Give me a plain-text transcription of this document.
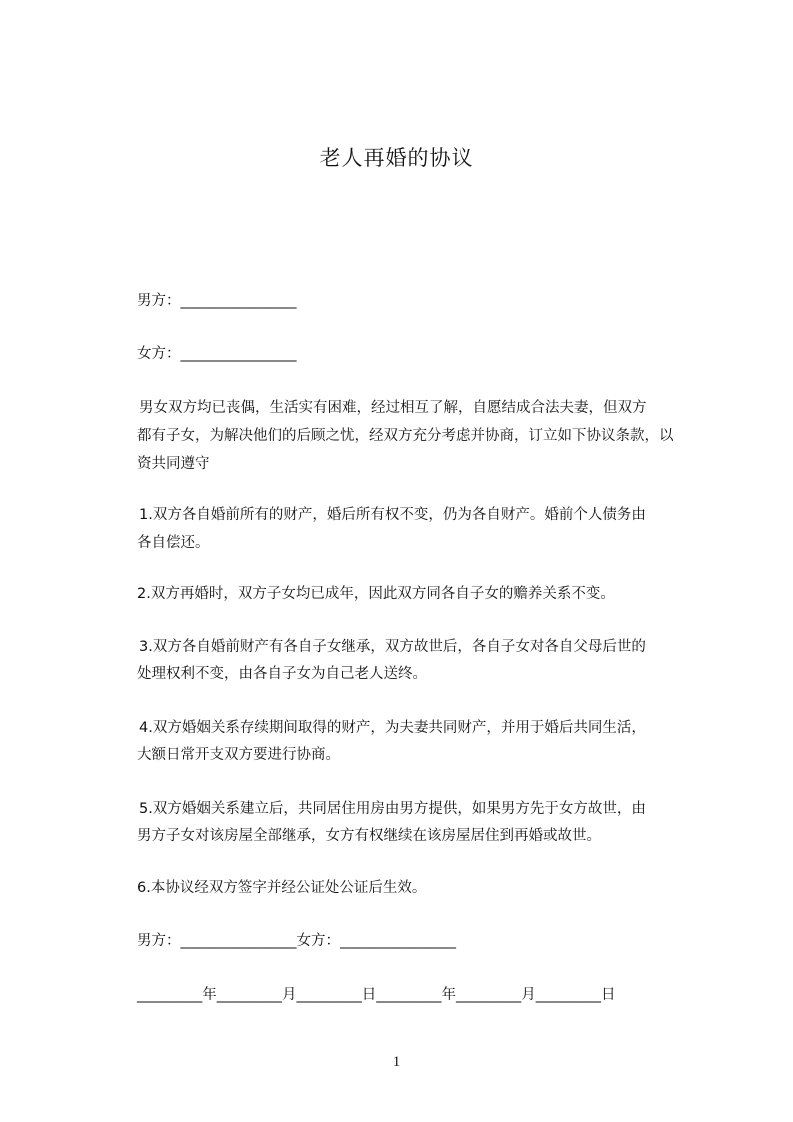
老人再婚的协议
男方：________________
女方：________________
男女双方均已丧偶，生活实有困难，经过相互了解，自愿结成合法夫妻，但双方
都有子女，为解决他们的后顾之忧，经双方充分考虑并协商，订立如下协议条款，以
资共同遵守
1.双方各自婚前所有的财产，婚后所有权不变，仍为各自财产。婚前个人债务由
各自偿还。
2.双方再婚时，双方子女均已成年，因此双方同各自子女的赡养关系不变。
3.双方各自婚前财产有各自子女继承，双方故世后，各自子女对各自父母后世的
处理权利不变，由各自子女为自己老人送终。
4.双方婚姻关系存续期间取得的财产，为夫妻共同财产，并用于婚后共同生活，
大额日常开支双方要进行协商。
5.双方婚姻关系建立后，共同居住用房由男方提供，如果男方先于女方故世，由
男方子女对该房屋全部继承，女方有权继续在该房屋居住到再婚或故世。
6.本协议经双方签字并经公证处公证后生效。
男方：________________女方：________________
_________年_________月_________日_________年_________月_________日
1
